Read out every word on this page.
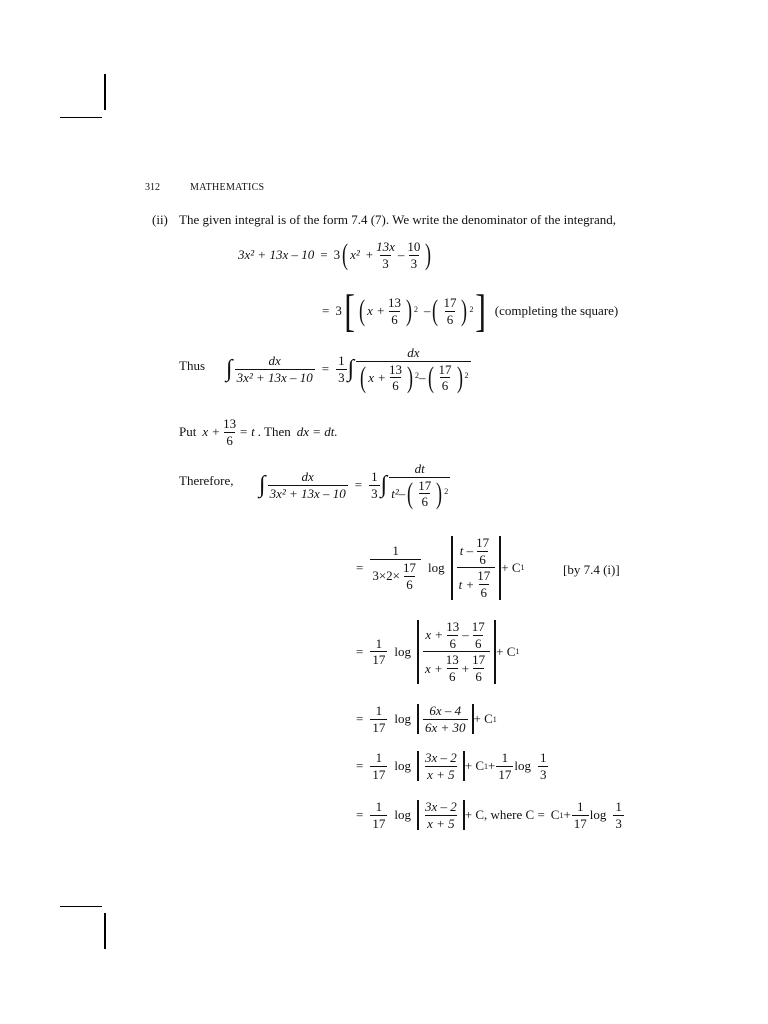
312	MATHEMATICS
(ii) The given integral is of the form 7.4 (7). We write the denominator of the integrand,
3x² + 13x – 10 = 3 ( $x^2 + \frac{13x}{3} - \frac{10}{3}$ )
= 3 [ ( $x + \frac{13}{6}$ ) $^2$ – ( $\frac{17}{6}$ ) $^2$ ] (completing the square)
Thus ∫ $\frac{dx}{\text{3x² + 13x – 10}} = \frac{1}{3}$ ∫ $\frac{dx}{( x + \frac{13}{6} ) ^2 - ( \frac{17}{6} ) ^2}$
Put $x + \frac{13}{6} = t$ . Then dx = dt.
Therefore, ∫ $\frac{dx}{\text{3x² + 13x – 10}} = \frac{1}{3}$ ∫ $\frac{dt}{t^2 - ( \frac{17}{6} ) ^2}$
= $\frac{1}{3\times 2\times \frac{17}{6}}$ $\log \frac{t - \frac{17}{6}}{t + \frac{17}{6}} + C$ 1	[by 7.4 (i)]
= $\frac{1}{17}$ $\log \frac{x + \frac{13}{6} - \frac{17}{6}}{x + \frac{13}{6} + \frac{17}{6}} + C$ 1
= $\frac{1}{17}$ $\log \frac{6x - 4}{6x + 30} + C$ 1
= $\frac{1}{17}$ $\log \frac{3x - 2}{x + 5} + C$ $1 + \frac{1}{17}$ $\log \frac{1}{3}$
= $\frac{1}{17}$ $\log \frac{3x - 2}{x + 5} + C$ , where C = C $1 + \frac{1}{17}$ $\log \frac{1}{3}$
